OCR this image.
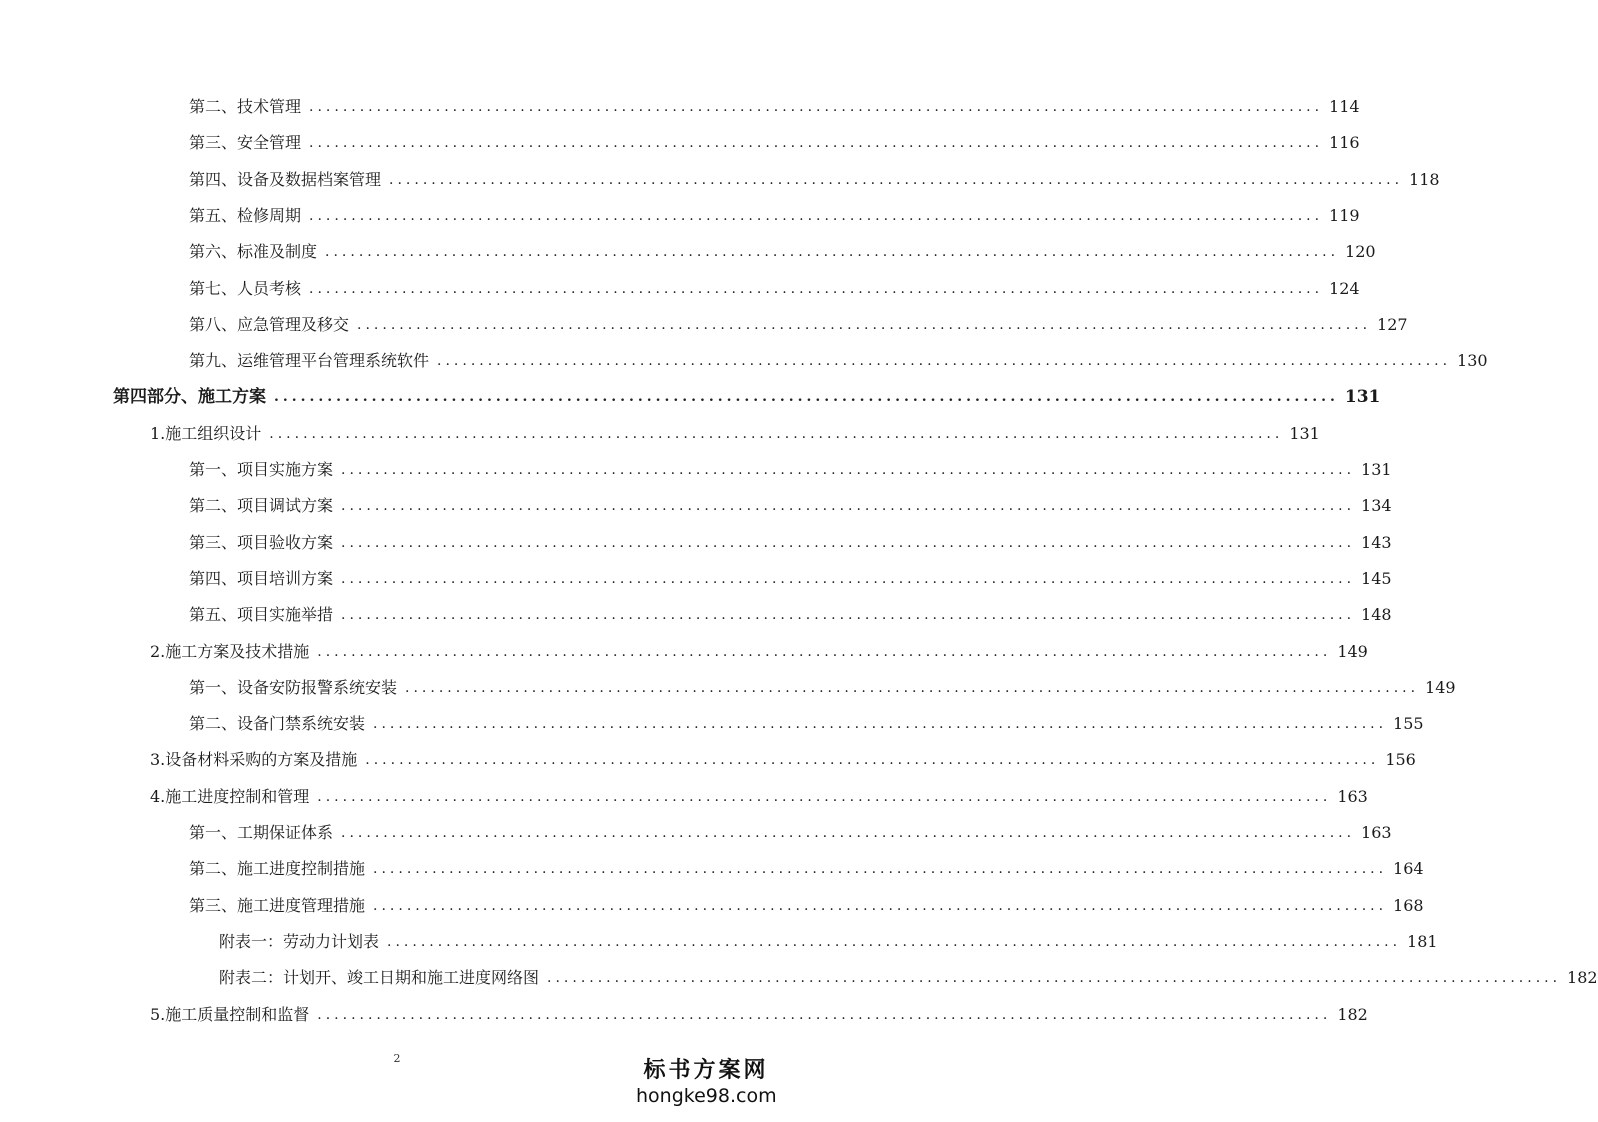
第二、技术管理 ........................................................................................................................ 114
第三、安全管理 ........................................................................................................................ 116
第四、设备及数据档案管理 ........................................................................................................................ 118
第五、检修周期 ........................................................................................................................ 119
第六、标准及制度 ........................................................................................................................ 120
第七、人员考核 ........................................................................................................................ 124
第八、应急管理及移交 ........................................................................................................................ 127
第九、运维管理平台管理系统软件 ........................................................................................................................ 130
第四部分、施工方案 ........................................................................................................................ 131
1.施工组织设计 ........................................................................................................................ 131
第一、项目实施方案 ........................................................................................................................ 131
第二、项目调试方案 ........................................................................................................................ 134
第三、项目验收方案 ........................................................................................................................ 143
第四、项目培训方案 ........................................................................................................................ 145
第五、项目实施举措 ........................................................................................................................ 148
2.施工方案及技术措施 ........................................................................................................................ 149
第一、设备安防报警系统安装 ........................................................................................................................ 149
第二、设备门禁系统安装 ........................................................................................................................ 155
3.设备材料采购的方案及措施 ........................................................................................................................ 156
4.施工进度控制和管理 ........................................................................................................................ 163
第一、工期保证体系 ........................................................................................................................ 163
第二、施工进度控制措施 ........................................................................................................................ 164
第三、施工进度管理措施 ........................................................................................................................ 168
附表一：劳动力计划表 ........................................................................................................................ 181
附表二：计划开、竣工日期和施工进度网络图 ........................................................................................................................ 182
5.施工质量控制和监督 ........................................................................................................................ 182
2	标书方案网
hongke98.com
